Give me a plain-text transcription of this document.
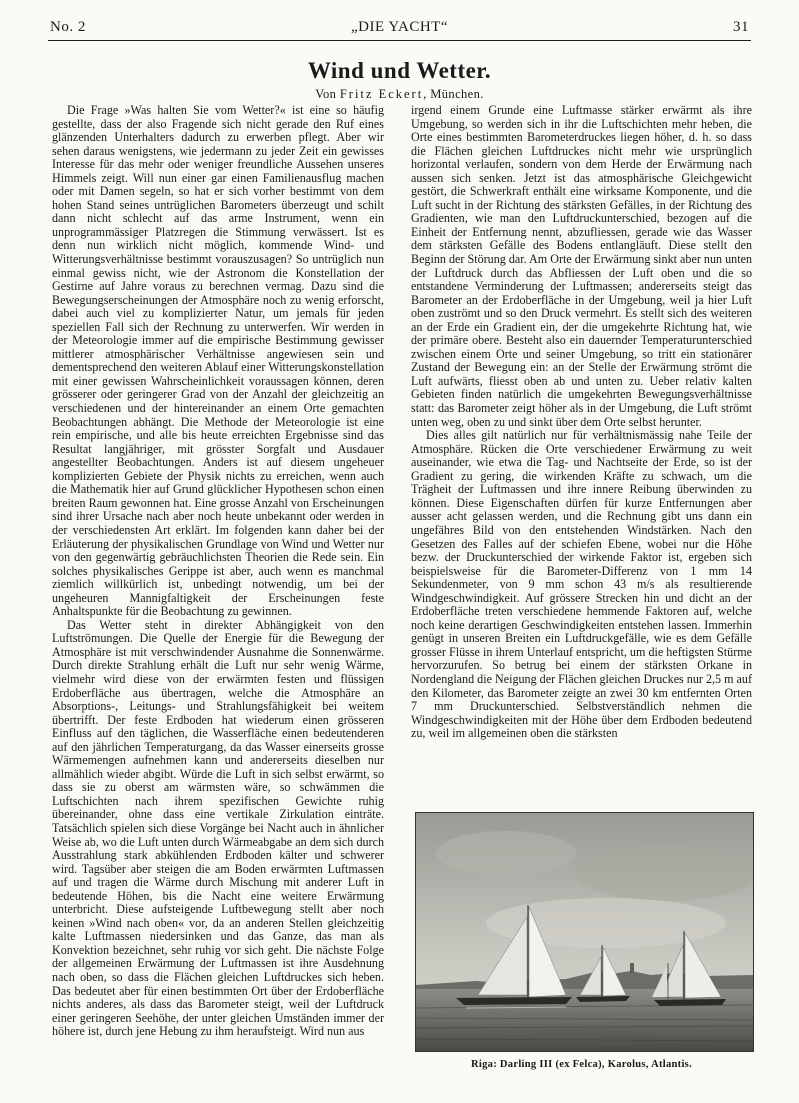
No. 2	„DIE YACHT“	31
Wind und Wetter.
Von Fritz Eckert, München.

Die Frage »Was halten Sie vom Wetter?« ist eine so häufig gestellte, dass der also Fragende sich nicht gerade den Ruf eines glänzenden Unterhalters dadurch zu erwerben pflegt. Aber wir sehen daraus wenigstens, wie jedermann zu jeder Zeit ein gewisses Interesse für das mehr oder weniger freundliche Aussehen unseres Himmels zeigt. Will nun einer gar einen Familienausflug machen oder mit Damen segeln, so hat er sich vorher bestimmt von dem hohen Stand seines untrüglichen Barometers überzeugt und schilt dann nicht schlecht auf das arme Instrument, wenn ein unprogrammässiger Platzregen die Stimmung verwässert. Ist es denn nun wirklich nicht möglich, kommende Wind- und Witterungsverhältnisse bestimmt vorauszusagen? So untrüglich nun einmal gewiss nicht, wie der Astronom die Konstellation der Gestirne auf Jahre voraus zu berechnen vermag. Dazu sind die Bewegungserscheinungen der Atmosphäre noch zu wenig erforscht, dabei auch viel zu komplizierter Natur, um jemals für jeden speziellen Fall sich der Rechnung zu unterwerfen. Wir werden in der Meteorologie immer auf die empirische Bestimmung gewisser mittlerer atmosphärischer Verhältnisse angewiesen sein und dementsprechend den weiteren Ablauf einer Witterungskonstellation mit einer gewissen Wahrscheinlichkeit voraussagen können, deren grösserer oder geringerer Grad von der Anzahl der gleichzeitig an verschiedenen und der hintereinander an einem Orte gemachten Beobachtungen abhängt. Die Methode der Meteorologie ist eine rein empirische, und alle bis heute erreichten Ergebnisse sind das Resultat langjähriger, mit grösster Sorgfalt und Ausdauer angestellter Beobachtungen. Anders ist auf diesem ungeheuer komplizierten Gebiete der Physik nichts zu erreichen, wenn auch die Mathematik hier auf Grund glücklicher Hypothesen schon einen breiten Raum gewonnen hat. Eine grosse Anzahl von Erscheinungen sind ihrer Ursache nach aber noch heute unbekannt oder werden in der verschiedensten Art erklärt. Im folgenden kann daher bei der Erläuterung der physikalischen Grundlage von Wind und Wetter nur von den gegenwärtig gebräuchlichsten Theorien die Rede sein. Ein solches physikalisches Gerippe ist aber, auch wenn es manchmal ziemlich willkürlich ist, unbedingt notwendig, um bei der ungeheuren Mannigfaltigkeit der Erscheinungen feste Anhaltspunkte für die Beobachtung zu gewinnen.

Das Wetter steht in direkter Abhängigkeit von den Luftströmungen. Die Quelle der Energie für die Bewegung der Atmosphäre ist mit verschwindender Ausnahme die Sonnenwärme. Durch direkte Strahlung erhält die Luft nur sehr wenig Wärme, vielmehr wird diese von der erwärmten festen und flüssigen Erdoberfläche aus übertragen, welche die Atmosphäre an Absorptions-, Leitungs- und Strahlungsfähigkeit bei weitem übertrifft. Der feste Erdboden hat wiederum einen grösseren Einfluss auf den täglichen, die Wasserfläche einen bedeutenderen auf den jährlichen Temperaturgang, da das Wasser einerseits grosse Wärmemengen aufnehmen kann und andererseits dieselben nur allmählich wieder abgibt. Würde die Luft in sich selbst erwärmt, so dass sie zu oberst am wärmsten wäre, so schwämmen die Luftschichten nach ihrem spezifischen Gewichte ruhig übereinander, ohne dass eine vertikale Zirkulation einträte. Tatsächlich spielen sich diese Vorgänge bei Nacht auch in ähnlicher Weise ab, wo die Luft unten durch Wärmeabgabe an dem sich durch Ausstrahlung stark abkühlenden Erdboden kälter und schwerer wird. Tagsüber aber steigen die am Boden erwärmten Luftmassen auf und tragen die Wärme durch Mischung mit anderer Luft in bedeutende Höhen, bis die Nacht eine weitere Erwärmung unterbricht. Diese aufsteigende Luftbewegung stellt aber noch keinen »Wind nach oben« vor, da an anderen Stellen gleichzeitig kalte Luftmassen niedersinken und das Ganze, das man als Konvektion bezeichnet, sehr ruhig vor sich geht. Die nächste Folge der allgemeinen Erwärmung der Luftmassen ist ihre Ausdehnung nach oben, so dass die Flächen gleichen Luftdruckes sich heben. Das bedeutet aber für einen bestimmten Ort über der Erdoberfläche nichts anderes, als dass das Barometer steigt, weil der Luftdruck einer geringeren Seehöhe, der unter gleichen Umständen immer der höhere ist, durch jene Hebung zu ihm heraufsteigt. Wird nun aus

irgend einem Grunde eine Luftmasse stärker erwärmt als ihre Umgebung, so werden sich in ihr die Luftschichten mehr heben, die Orte eines bestimmten Barometerdruckes liegen höher, d. h. so dass die Flächen gleichen Luftdruckes nicht mehr wie ursprünglich horizontal verlaufen, sondern von dem Herde der Erwärmung nach aussen sich senken. Jetzt ist das atmosphärische Gleichgewicht gestört, die Schwerkraft enthält eine wirksame Komponente, und die Luft sucht in der Richtung des stärksten Gefälles, in der Richtung des Gradienten, wie man den Luftdruckunterschied, bezogen auf die Einheit der Entfernung nennt, abzufliessen, gerade wie das Wasser dem stärksten Gefälle des Bodens entlangläuft. Diese stellt den Beginn der Störung dar. Am Orte der Erwärmung sinkt aber nun unten der Luftdruck durch das Abfliessen der Luft oben und die so entstandene Verminderung der Luftmassen; andererseits steigt das Barometer an der Erdoberfläche in der Umgebung, weil ja hier Luft oben zuströmt und so den Druck vermehrt. Es stellt sich des weiteren an der Erde ein Gradient ein, der die umgekehrte Richtung hat, wie der primäre obere. Besteht also ein dauernder Temperaturunterschied zwischen einem Orte und seiner Umgebung, so tritt ein stationärer Zustand der Bewegung ein: an der Stelle der Erwärmung strömt die Luft aufwärts, fliesst oben ab und unten zu. Ueber relativ kalten Gebieten finden natürlich die umgekehrten Bewegungsverhältnisse statt: das Barometer zeigt höher als in der Umgebung, die Luft strömt unten weg, oben zu und sinkt über dem Orte selbst herunter.

Dies alles gilt natürlich nur für verhältnismässig nahe Teile der Atmosphäre. Rücken die Orte verschiedener Erwärmung zu weit auseinander, wie etwa die Tag- und Nachtseite der Erde, so ist der Gradient zu gering, die wirkenden Kräfte zu schwach, um die Trägheit der Luftmassen und ihre innere Reibung überwinden zu können. Diese Eigenschaften dürfen für kurze Entfernungen aber ausser acht gelassen werden, und die Rechnung gibt uns dann ein ungefähres Bild von den entstehenden Windstärken. Nach den Gesetzen des Falles auf der schiefen Ebene, wobei nur die Höhe bezw. der Druckunterschied der wirkende Faktor ist, ergeben sich beispielsweise für die Barometer-Differenz von 1 mm 14 Sekundenmeter, von 9 mm schon 43 m/s als resultierende Windgeschwindigkeit. Auf grössere Strecken hin und dicht an der Erdoberfläche treten verschiedene hemmende Faktoren auf, welche noch keine derartigen Geschwindigkeiten entstehen lassen. Immerhin genügt in unseren Breiten ein Luftdruckgefälle, wie es dem Gefälle grosser Flüsse in ihrem Unterlauf entspricht, um die heftigsten Stürme hervorzurufen. So betrug bei einem der stärksten Orkane in Nordengland die Neigung der Flächen gleichen Druckes nur 2,5 m auf den Kilometer, das Barometer zeigte an zwei 30 km entfernten Orten 7 mm Druckunterschied. Selbstverständlich nehmen die Windgeschwindigkeiten mit der Höhe über dem Erdboden bedeutend zu, weil im allgemeinen oben die stärksten

Riga: Darling III (ex Felca), Karolus, Atlantis.
